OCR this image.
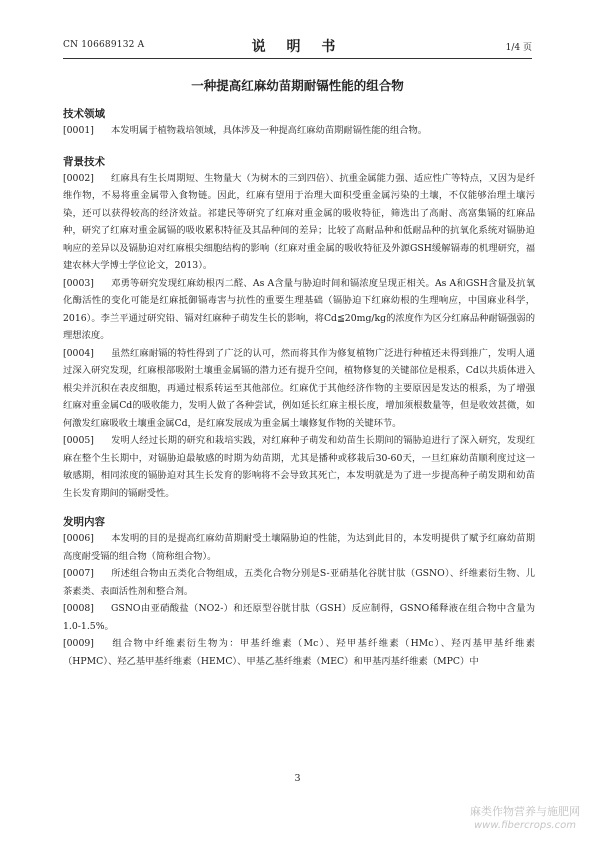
CN 106689132 A	说 明 书	1/4 页
一种提高红麻幼苗期耐镉性能的组合物

技术领域

[0001] 本发明属于植物栽培领域，具体涉及一种提高红麻幼苗期耐镉性能的组合物。

背景技术

[0002] 红麻具有生长周期短、生物量大（为树木的三到四倍）、抗重金属能力强、适应性广等特点，又因为是纤维作物，不易将重金属带入食物链。因此，红麻有望用于治理大面积受重金属污染的土壤，不仅能够治理土壤污染，还可以获得较高的经济效益。祁建民等研究了红麻对重金属的吸收特征，筛选出了高耐、高富集镉的红麻品种，研究了红麻对重金属镉的吸收累积特征及其品种间的差异；比较了高耐品种和低耐品种的抗氧化系统对镉胁迫响应的差异以及镉胁迫对红麻根尖细胞结构的影响（红麻对重金属的吸收特征及外源GSH缓解镉毒的机理研究，福建农林大学博士学位论文，2013）。

[0003] 邓勇等研究发现红麻幼根丙二醛、As A含量与胁迫时间和镉浓度呈现正相关。As A和GSH含量及抗氧化酶活性的变化可能是红麻抵御镉毒害与抗性的重要生理基础（镉胁迫下红麻幼根的生理响应，中国麻业科学，2016）。李兰平通过研究铅、镉对红麻种子萌发生长的影响，将Cd≦20mg/kg的浓度作为区分红麻品种耐镉强弱的理想浓度。

[0004] 虽然红麻耐镉的特性得到了广泛的认可，然而将其作为修复植物广泛进行种植还未得到推广，发明人通过深入研究发现，红麻根部吸附土壤重金属镉的潜力还有提升空间，植物修复的关键部位是根系，Cd以共质体进入根尖并沉积在表皮细胞，再通过根系转运至其他部位。红麻优于其他经济作物的主要原因是发达的根系，为了增强红麻对重金属Cd的吸收能力，发明人做了各种尝试，例如延长红麻主根长度，增加须根数量等，但是收效甚微，如何激发红麻吸收土壤重金属Cd，是红麻发展成为重金属土壤修复作物的关键环节。

[0005] 发明人经过长期的研究和栽培实践，对红麻种子萌发和幼苗生长期间的镉胁迫进行了深入研究，发现红麻在整个生长期中，对镉胁迫最敏感的时期为幼苗期，尤其是播种或移栽后30-60天，一旦红麻幼苗顺利度过这一敏感期，相同浓度的镉胁迫对其生长发育的影响将不会导致其死亡，本发明就是为了进一步提高种子萌发期和幼苗生长发育期间的镉耐受性。

发明内容

[0006] 本发明的目的是提高红麻幼苗期耐受土壤隔胁迫的性能，为达到此目的，本发明提供了赋予红麻幼苗期高度耐受镉的组合物（简称组合物）。

[0007] 所述组合物由五类化合物组成，五类化合物分别是S-亚硝基化谷胱甘肽（GSNO）、纤维素衍生物、儿茶素类、表面活性剂和整合剂。

[0008] GSNO由亚硝酸盐（NO2-）和还原型谷胱甘肽（GSH）反应制得，GSNO稀释液在组合物中含量为1.0-1.5%。

[0009] 组合物中纤维素衍生物为：甲基纤维素（Mc）、羟甲基纤维素（HMc）、羟丙基甲基纤维素（HPMC）、羟乙基甲基纤维素（HEMC）、甲基乙基纤维素（MEC）和甲基丙基纤维素（MPC）中

3
麻类作物营养与施肥网
www.fibercrops.com
